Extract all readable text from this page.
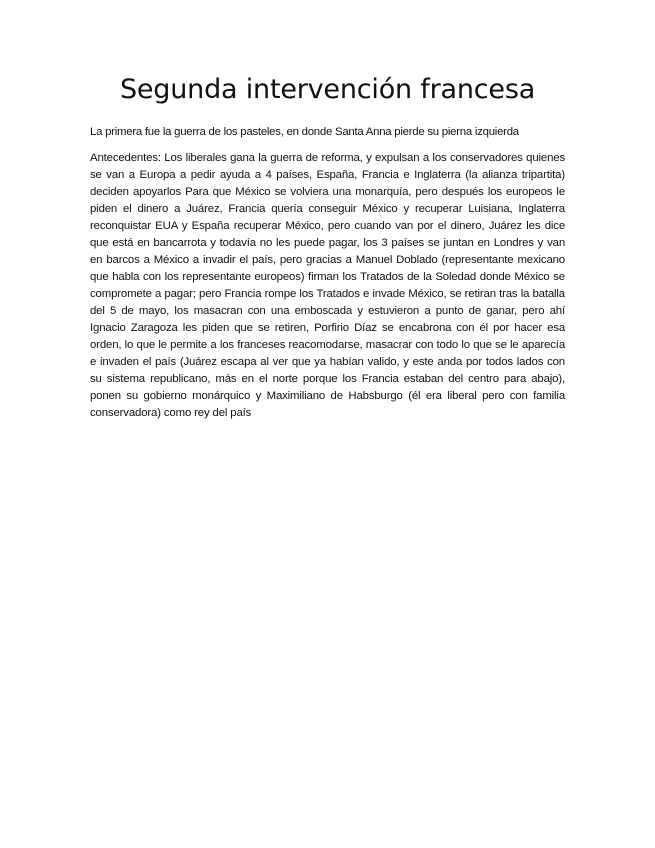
Segunda intervención francesa

La primera fue la guerra de los pasteles, en donde Santa Anna pierde su pierna izquierda

Antecedentes: Los liberales gana la guerra de reforma, y expulsan a los conservadores quienes se van a Europa a pedir ayuda a 4 países, España, Francia e Inglaterra (la alianza tripartita) deciden apoyarlos Para que México se volviera una monarquía, pero después los europeos le piden el dinero a Juárez, Francia quería conseguir México y recuperar Luisiana, Inglaterra reconquistar EUA y España recuperar México, pero cuando van por el dinero, Juárez les dice que está en bancarrota y todavía no les puede pagar, los 3 países se juntan en Londres y van en barcos a México a invadir el país, pero gracias a Manuel Doblado (representante mexicano que habla con los representante europeos) firman los Tratados de la Soledad donde México se compromete a pagar; pero Francia rompe los Tratados e invade México, se retiran tras la batalla del 5 de mayo, los masacran con una emboscada y estuvieron a punto de ganar, pero ahí Ignacio Zaragoza les piden que se retiren, Porfirio Díaz se encabrona con él por hacer esa orden, lo que le permite a los franceses reacomodarse, masacrar con todo lo que se le aparecía e invaden el país (Juárez escapa al ver que ya habían valido, y este anda por todos lados con su sistema republicano, más en el norte porque los Francia estaban del centro para abajo), ponen su gobierno monárquico y Maximiliano de Habsburgo (él era liberal pero con familia conservadora) como rey del país
